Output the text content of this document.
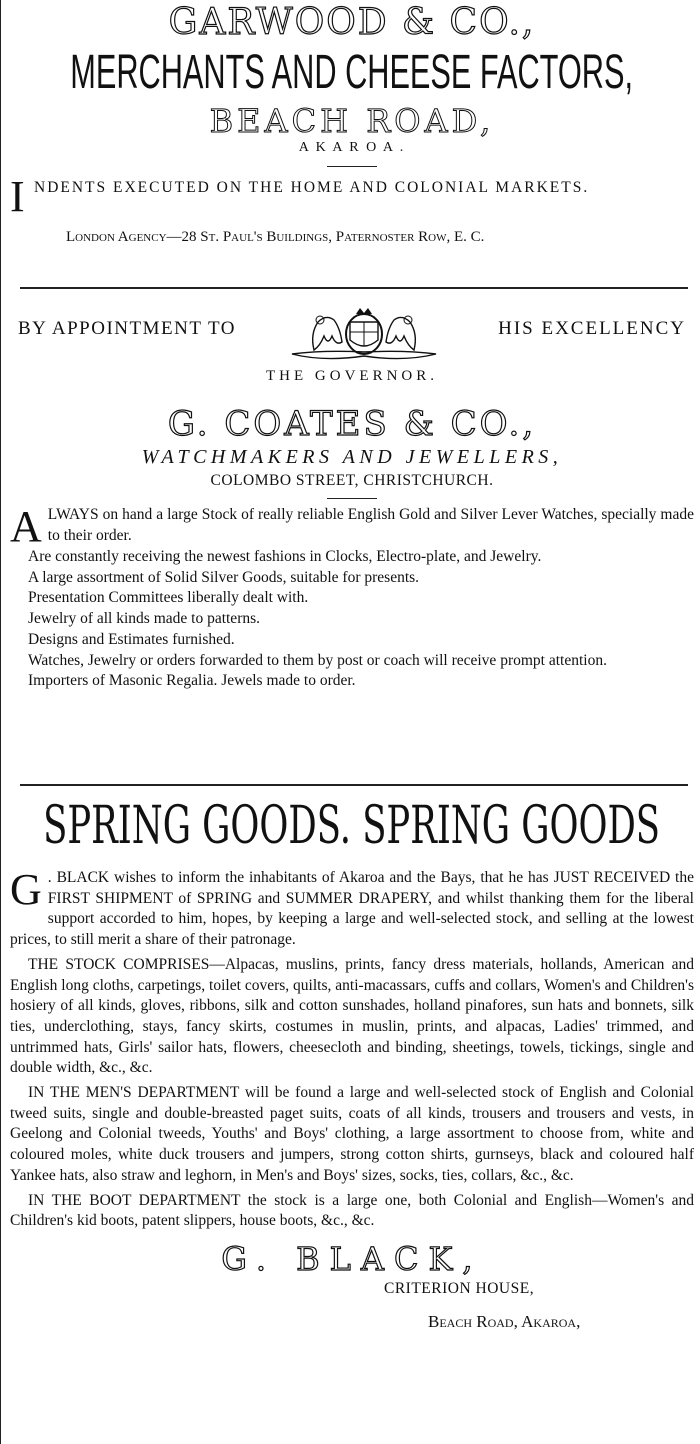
GARWOOD & CO.,
MERCHANTS AND CHEESE FACTORS,
BEACH ROAD,
A K A R O A .
I NDENTS EXECUTED ON THE HOME AND COLONIAL MARKETS.
London Agency—28 St. Paul's Buildings, Paternoster Row, E. C.
BY APPOINTMENT TO	HIS EXCELLENCY
THE GOVERNOR.
G. COATES & CO.,
WATCHMAKERS AND JEWELLERS,
COLOMBO STREET, CHRISTCHURCH.
A LWAYS on hand a large Stock of really reliable English Gold and Silver Lever Watches, specially made to their order.
Are constantly receiving the newest fashions in Clocks, Electro-plate, and Jewelry.
A large assortment of Solid Silver Goods, suitable for presents.
Presentation Committees liberally dealt with.
Jewelry of all kinds made to patterns.
Designs and Estimates furnished.
Watches, Jewelry or orders forwarded to them by post or coach will receive prompt attention.
Importers of Masonic Regalia. Jewels made to order.
SPRING GOODS. SPRING GOODS
G . BLACK wishes to inform the inhabitants of Akaroa and the Bays, that he has JUST RECEIVED the FIRST SHIPMENT of SPRING and SUMMER DRAPERY, and whilst thanking them for the liberal support accorded to him, hopes, by keeping a large and well-selected stock, and selling at the lowest prices, to still merit a share of their patronage.
THE STOCK COMPRISES—Alpacas, muslins, prints, fancy dress materials, hollands, American and English long cloths, carpetings, toilet covers, quilts, anti-macassars, cuffs and collars, Women's and Children's hosiery of all kinds, gloves, ribbons, silk and cotton sunshades, holland pinafores, sun hats and bonnets, silk ties, underclothing, stays, fancy skirts, costumes in muslin, prints, and alpacas, Ladies' trimmed, and untrimmed hats, Girls' sailor hats, flowers, cheesecloth and binding, sheetings, towels, tickings, single and double width, &c., &c.
IN THE MEN'S DEPARTMENT will be found a large and well-selected stock of English and Colonial tweed suits, single and double-breasted paget suits, coats of all kinds, trousers and trousers and vests, in Geelong and Colonial tweeds, Youths' and Boys' clothing, a large assortment to choose from, white and coloured moles, white duck trousers and jumpers, strong cotton shirts, gurnseys, black and coloured half Yankee hats, also straw and leghorn, in Men's and Boys' sizes, socks, ties, collars, &c., &c.
IN THE BOOT DEPARTMENT the stock is a large one, both Colonial and English—Women's and Children's kid boots, patent slippers, house boots, &c., &c.
G. BLACK,
CRITERION HOUSE,
Beach Road, Akaroa,
